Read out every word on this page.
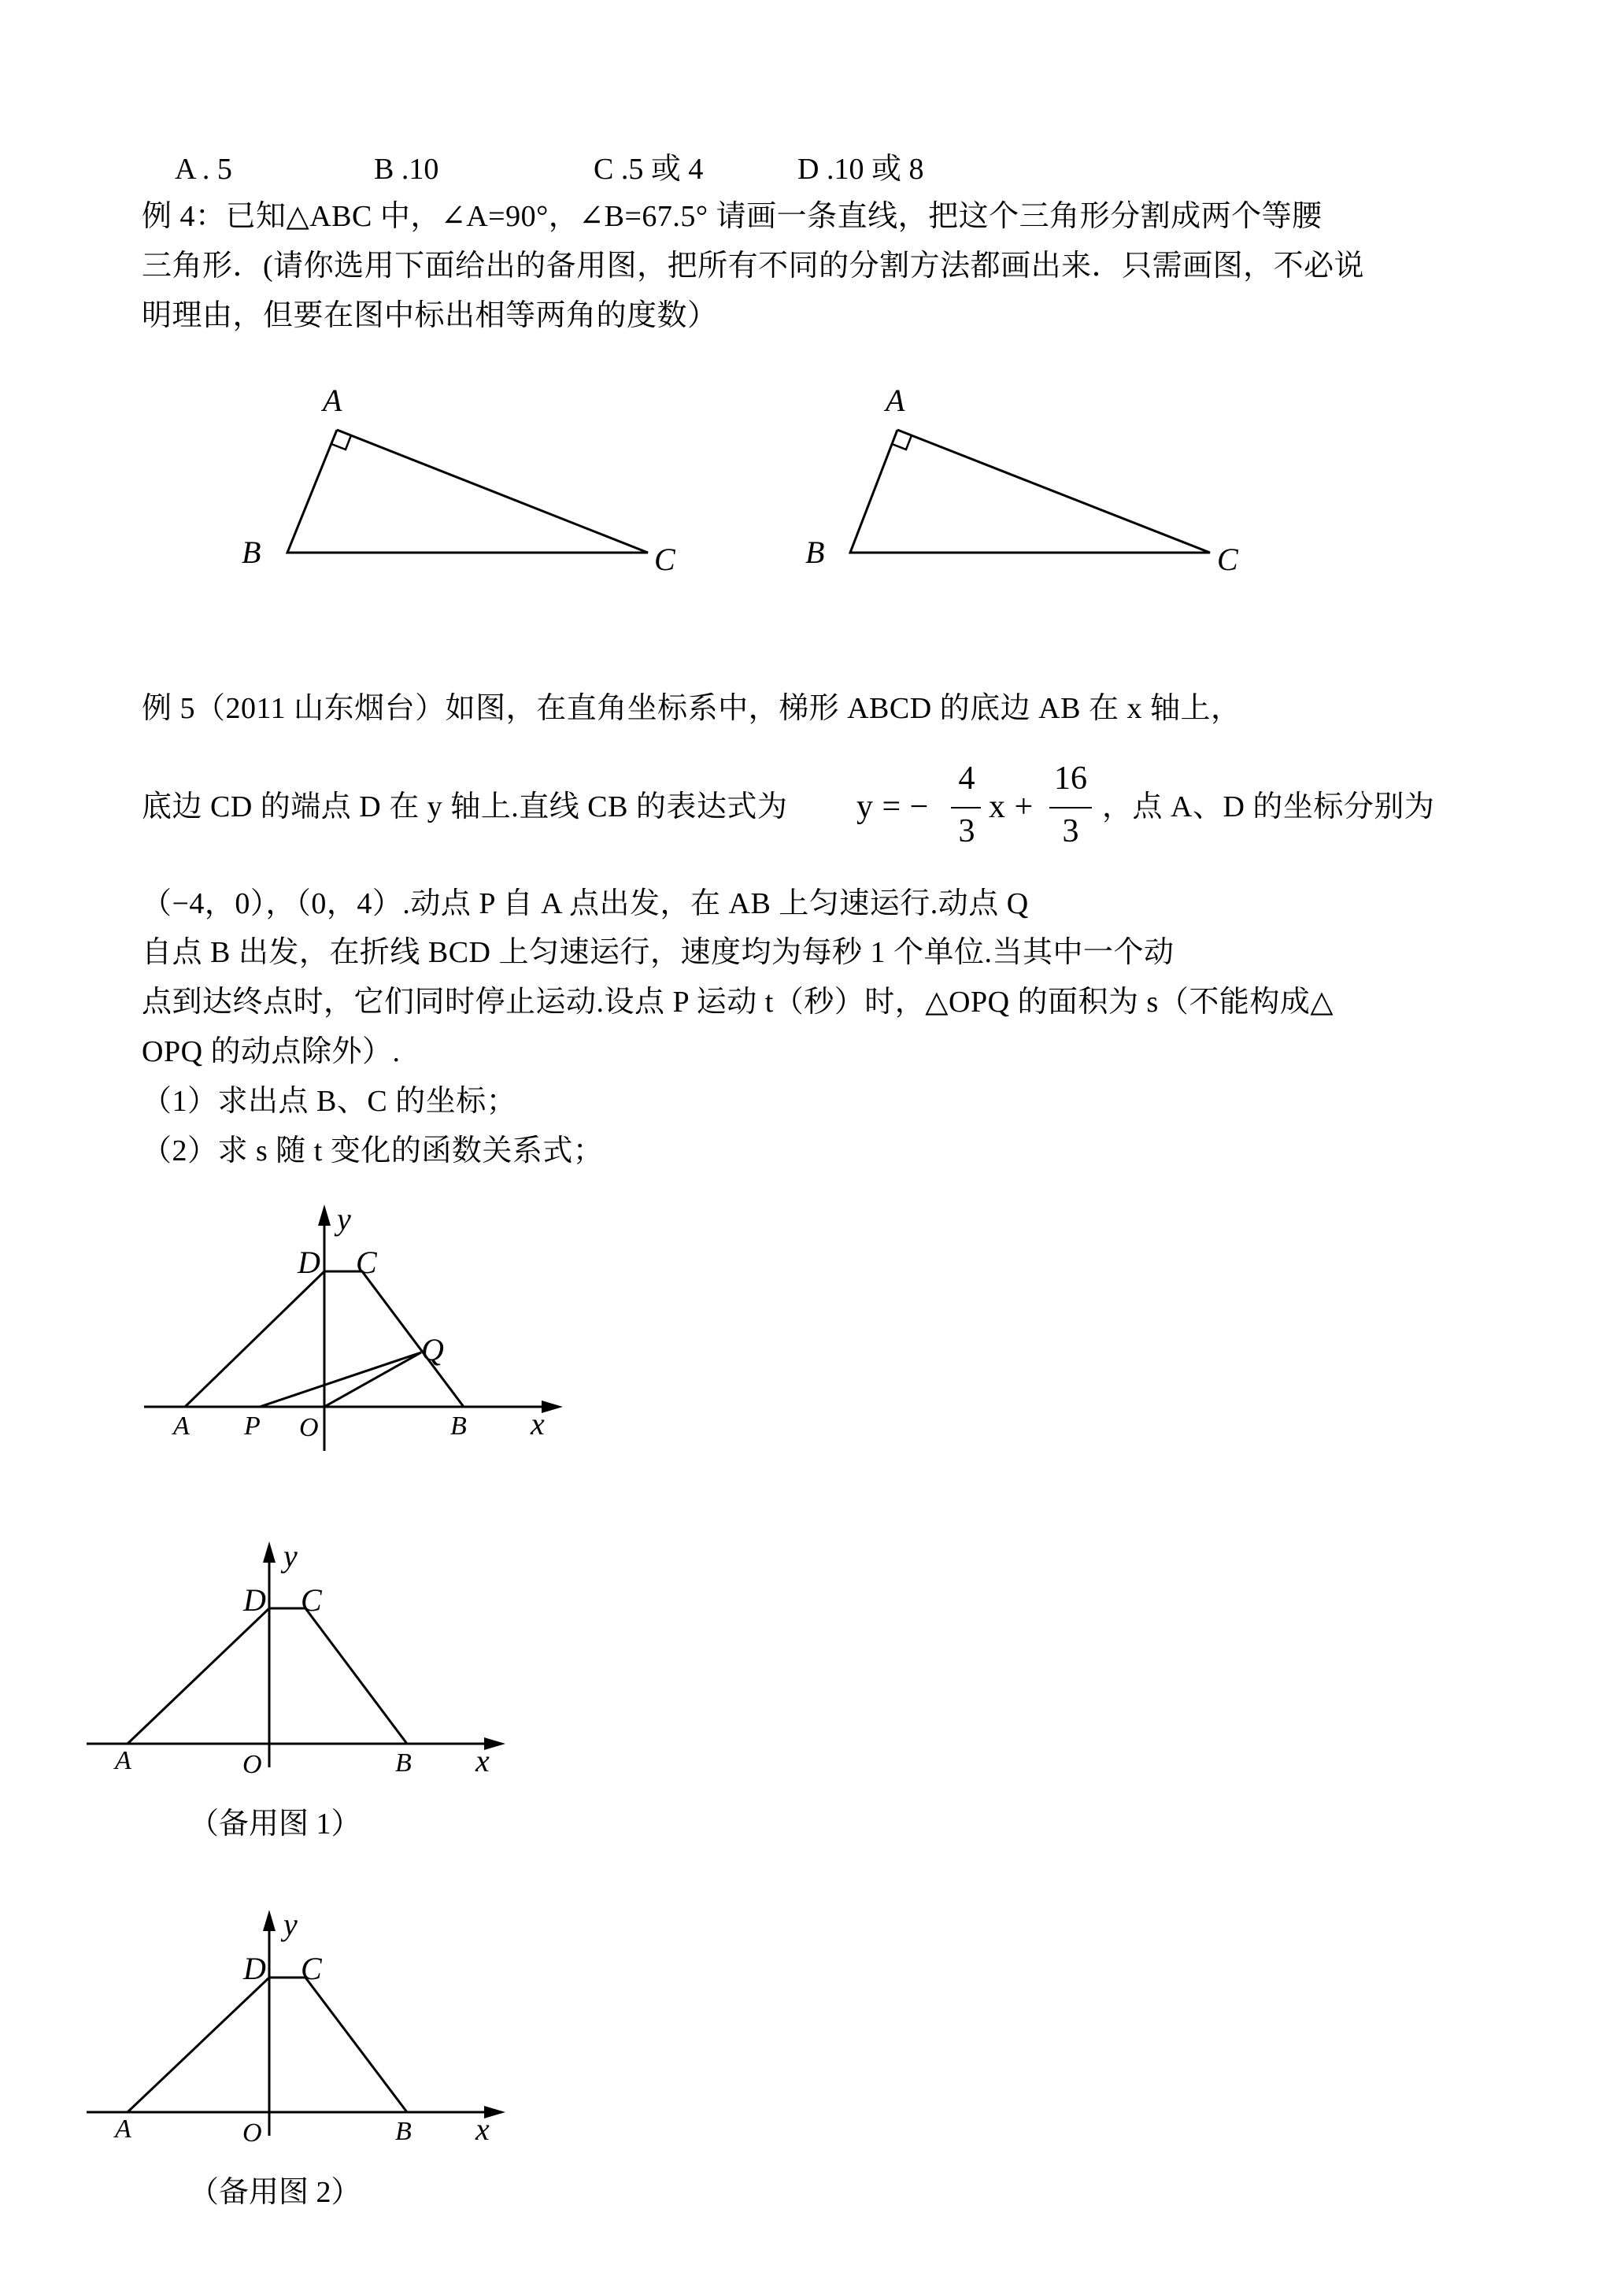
A . 5	B .10	C .5 或 4	D .10 或 8
例 4：已知△ABC 中，∠A=90°，∠B=67.5° 请画一条直线，把这个三角形分割成两个等腰
三角形．(请你选用下面给出的备用图，把所有不同的分割方法都画出来．只需画图，不必说
明理由，但要在图中标出相等两角的度数）
A
B	C
A
B	C
例 5（2011 山东烟台）如图，在直角坐标系中，梯形 ABCD 的底边 AB 在 x 轴上，
底边 CD 的端点 D 在 y 轴上.直线 CB 的表达式为 y = −
4
3
x +
16
3
，点 A、D 的坐标分别为
（−4，0），（0，4）.动点 P 自 A 点出发，在 AB 上匀速运行.动点 Q
自点 B 出发，在折线 BCD 上匀速运行，速度均为每秒 1 个单位.当其中一个动
点到达终点时，它们同时停止运动.设点 P 运动 t（秒）时，△OPQ 的面积为 s（不能构成△
OPQ 的动点除外）.
（1）求出点 B、C 的坐标；
（2）求 s 随 t 变化的函数关系式；
y
D C
Q
A P O	B x
y
D C
A	O	B x
（备用图 1）
y
D C
A	O	B x
（备用图 2）
